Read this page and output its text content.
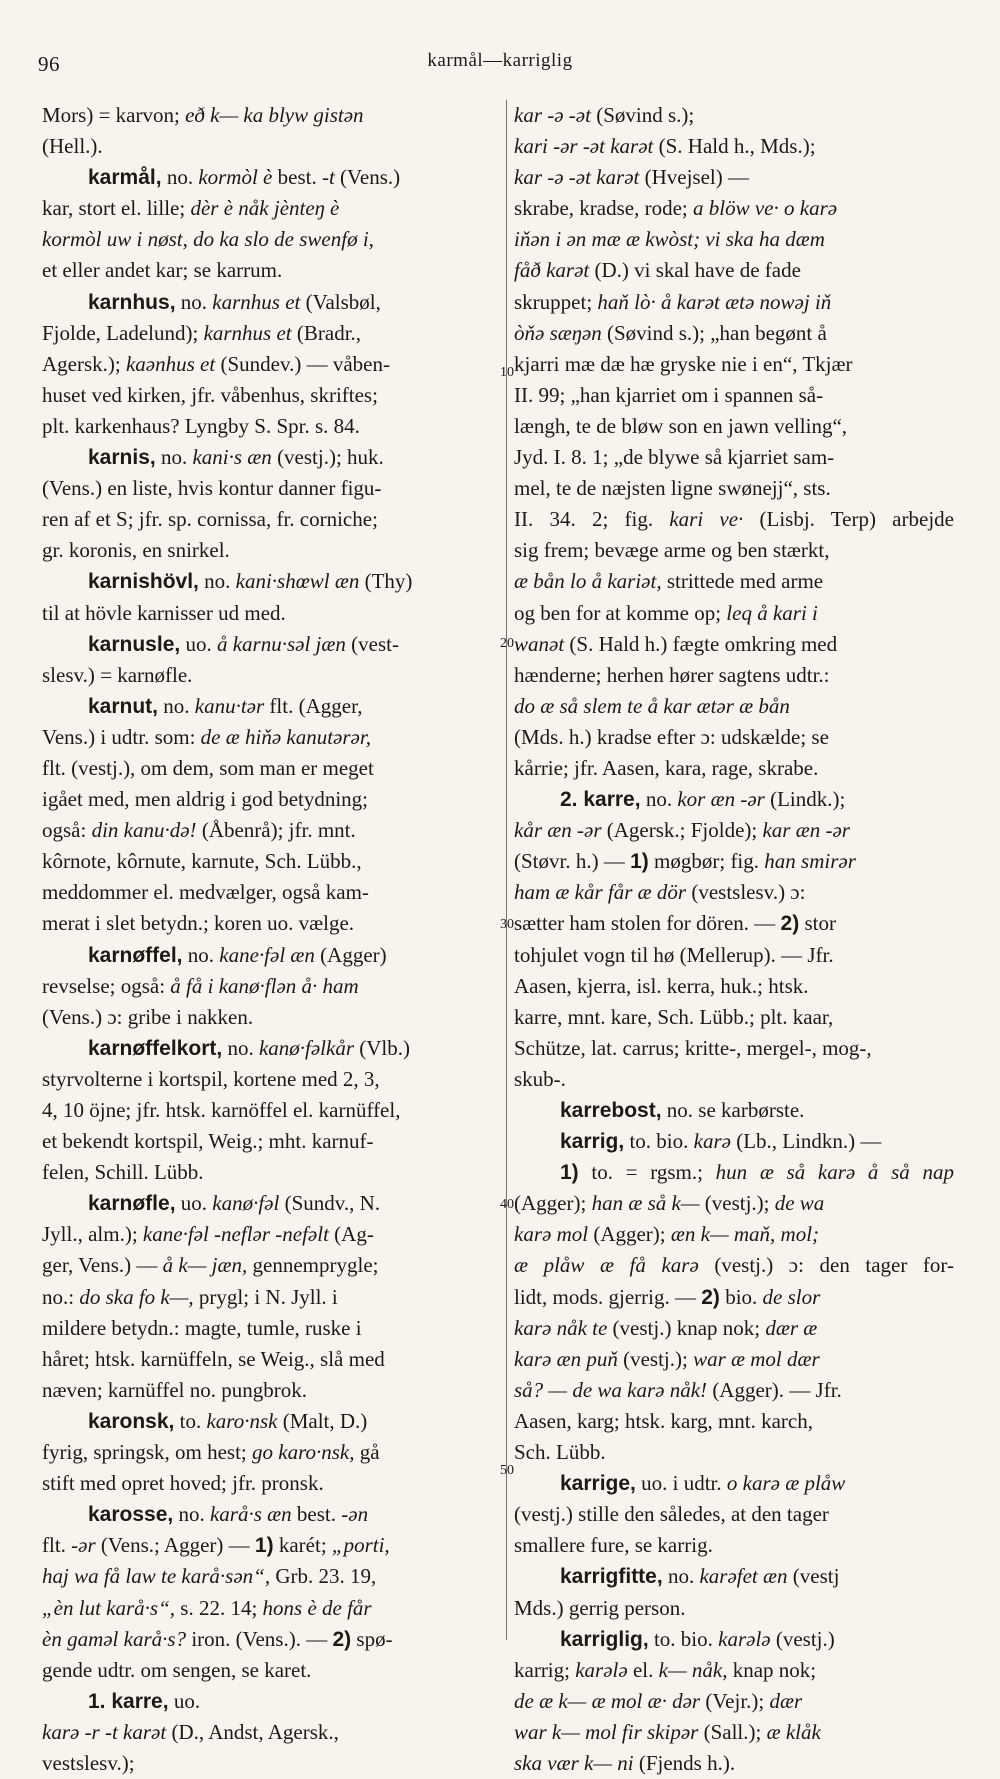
96	karmål—karriglig
Mors) = karvon; eð k— ka blyw gistən
(Hell.).
karmål, no. kormòl è best. -t (Vens.)
kar, stort el. lille; dèr è nåk jènteŋ è
kormòl uw i nøst, do ka slo de swenfø i,
et eller andet kar; se karrum.
karnhus, no. karnhus et (Valsbøl,
Fjolde, Ladelund); karnhus et (Bradr.,
Agersk.); kaənhus et (Sundev.) — våben-
huset ved kirken, jfr. våbenhus, skriftes;
plt. karkenhaus? Lyngby S. Spr. s. 84.
karnis, no. kani·s æn (vestj.); huk.
(Vens.) en liste, hvis kontur danner figu-
ren af et S; jfr. sp. cornissa, fr. corniche;
gr. koronis, en snirkel.
karnishövl, no. kani·shœwl æn (Thy)
til at hövle karnisser ud med.
karnusle, uo. å karnu·səl jæn (vest-
slesv.) = karnøfle.
karnut, no. kanu·tər flt. (Agger,
Vens.) i udtr. som: de æ hiňə kanutərər,
flt. (vestj.), om dem, som man er meget
igået med, men aldrig i god betydning;
også: din kanu·də! (Åbenrå); jfr. mnt.
kôrnote, kôrnute, karnute, Sch. Lübb.,
meddommer el. medvælger, også kam-
merat i slet betydn.; koren uo. vælge.
karnøffel, no. kane·fəl æn (Agger)
revselse; også: å få i kanø·flən å· ham
(Vens.) ɔ: gribe i nakken.
karnøffelkort, no. kanø·fəlkår (Vlb.)
styrvolterne i kortspil, kortene med 2, 3,
4, 10 öjne; jfr. htsk. karnöffel el. karnüffel,
et bekendt kortspil, Weig.; mht. karnuf-
felen, Schill. Lübb.
karnøfle, uo. kanø·fəl (Sundv., N.
Jyll., alm.); kane·fəl -neflər -nefəlt (Ag-
ger, Vens.) — å k— jæn, gennemprygle;
no.: do ska fo k—, prygl; i N. Jyll. i
mildere betydn.: magte, tumle, ruske i
håret; htsk. karnüffeln, se Weig., slå med
næven; karnüffel no. pungbrok.
karonsk, to. karo·nsk (Malt, D.)
fyrig, springsk, om hest; go karo·nsk, gå
stift med opret hoved; jfr. pronsk.
karosse, no. karå·s æn best. -ən
flt. -ər (Vens.; Agger) — 1) karét; „porti,
haj wa få law te karå·sən“, Grb. 23. 19,
„èn lut karå·s“, s. 22. 14; hons è de får
èn gaməl karå·s? iron. (Vens.). — 2) spø-
gende udtr. om sengen, se karet.
1. karre, uo.
karə -r -t karət (D., Andst, Agersk.,
vestslesv.);
kar -ə -ət (Søvind s.);
kari -ər -ət karət (S. Hald h., Mds.);
kar -ə -ət karət (Hvejsel) —
skrabe, kradse, rode; a blöw ve· o karə
iňən i ən mæ æ kwòst; vi ska ha dæm
fåð karət (D.) vi skal have de fade
skruppet; haň lò· å karət ætə nowəj iň
òňə sæŋən (Søvind s.); „han begønt å
kjarri mæ dæ hæ gryske nie i en“, Tkjær
II. 99; „han kjarriet om i spannen så-
længh, te de bløw son en jawn velling“,
Jyd. I. 8. 1; „de blywe så kjarriet sam-
mel, te de næjsten ligne swønejj“, sts.
II. 34. 2; fig. kari ve· (Lisbj. Terp) arbejde
sig frem; bevæge arme og ben stærkt,
æ bån lo å kariət, strittede med arme
og ben for at komme op; leq å kari i
wanət (S. Hald h.) fægte omkring med
hænderne; herhen hører sagtens udtr.:
do æ så slem te å kar ætər æ bån
(Mds. h.) kradse efter ɔ: udskælde; se
kårrie; jfr. Aasen, kara, rage, skrabe.
2. karre, no. kor æn -ər (Lindk.);
kår æn -ər (Agersk.; Fjolde); kar æn -ər
(Støvr. h.) — 1) møgbør; fig. han smirər
ham æ kår får æ dör (vestslesv.) ɔ:
sætter ham stolen for dören. — 2) stor
tohjulet vogn til hø (Mellerup). — Jfr.
Aasen, kjerra, isl. kerra, huk.; htsk.
karre, mnt. kare, Sch. Lübb.; plt. kaar,
Schütze, lat. carrus; kritte-, mergel-, mog-,
skub-.
karrebost, no. se karbørste.
karrig, to. bio. karə (Lb., Lindkn.) —
1) to. = rgsm.; hun æ så karə å så nap
(Agger); han æ så k— (vestj.); de wa
karə mol (Agger); æn k— maň, mol;
æ plåw æ få karə (vestj.) ɔ: den tager for-
lidt, mods. gjerrig. — 2) bio. de slor
karə nåk te (vestj.) knap nok; dær æ
karə æn puň (vestj.); war æ mol dær
så? — de wa karə nåk! (Agger). — Jfr.
Aasen, karg; htsk. karg, mnt. karch,
Sch. Lübb.
karrige, uo. i udtr. o karə æ plåw
(vestj.) stille den således, at den tager
smallere fure, se karrig.
karrigfitte, no. karəfet æn (vestj
Mds.) gerrig person.
karriglig, to. bio. karələ (vestj.)
karrig; karələ el. k— nåk, knap nok;
de æ k— æ mol æ· dər (Vejr.); dær
war k— mol fir skipər (Sall.); æ klåk
ska vær k— ni (Fjends h.).
10
20
30
40
50
